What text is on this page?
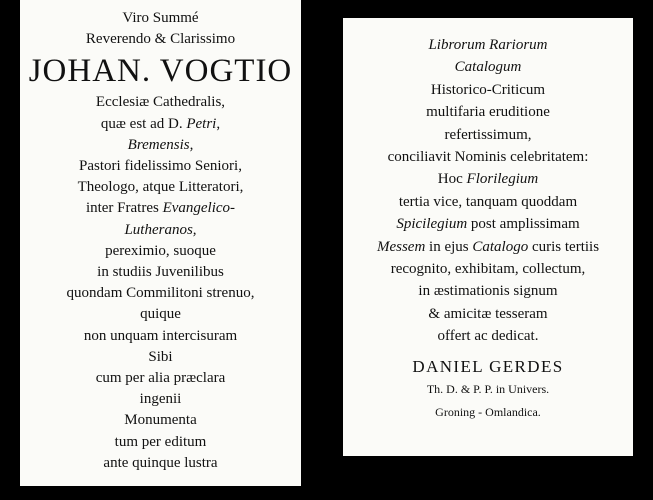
Viro Summé
Reverendo & Clarissimo
JOHAN. VOGTIO
Ecclesiæ Cathedralis,
quæ est ad D. Petri,
Bremensis,
Pastori fidelissimo Seniori,
Theologo, atque Litteratori,
inter Fratres Evangelico-
Lutheranos,
pereximio, suoque
in studiis Juvenilibus
quondam Commilitoni strenuo,
quique
non unquam intercisuram
Sibi
cum per alia præclara
ingenii
Monumenta
tum per editum
ante quinque lustra
Librorum Rariorum
Catalogum
Historico-Criticum
multifaria eruditione
refertissimum,
conciliavit Nominis celebritatem:
Hoc Florilegium
tertia vice, tanquam quoddam
Spicilegium post amplissimam
Messem in ejus Catalogo curis tertiis
recognito, exhibitam, collectum,
in æstimationis signum
& amicitæ tesseram
offert ac dedicat.
DANIEL GERDES
Th. D. & P. P. in Univers.
Groning - Omlandica.
